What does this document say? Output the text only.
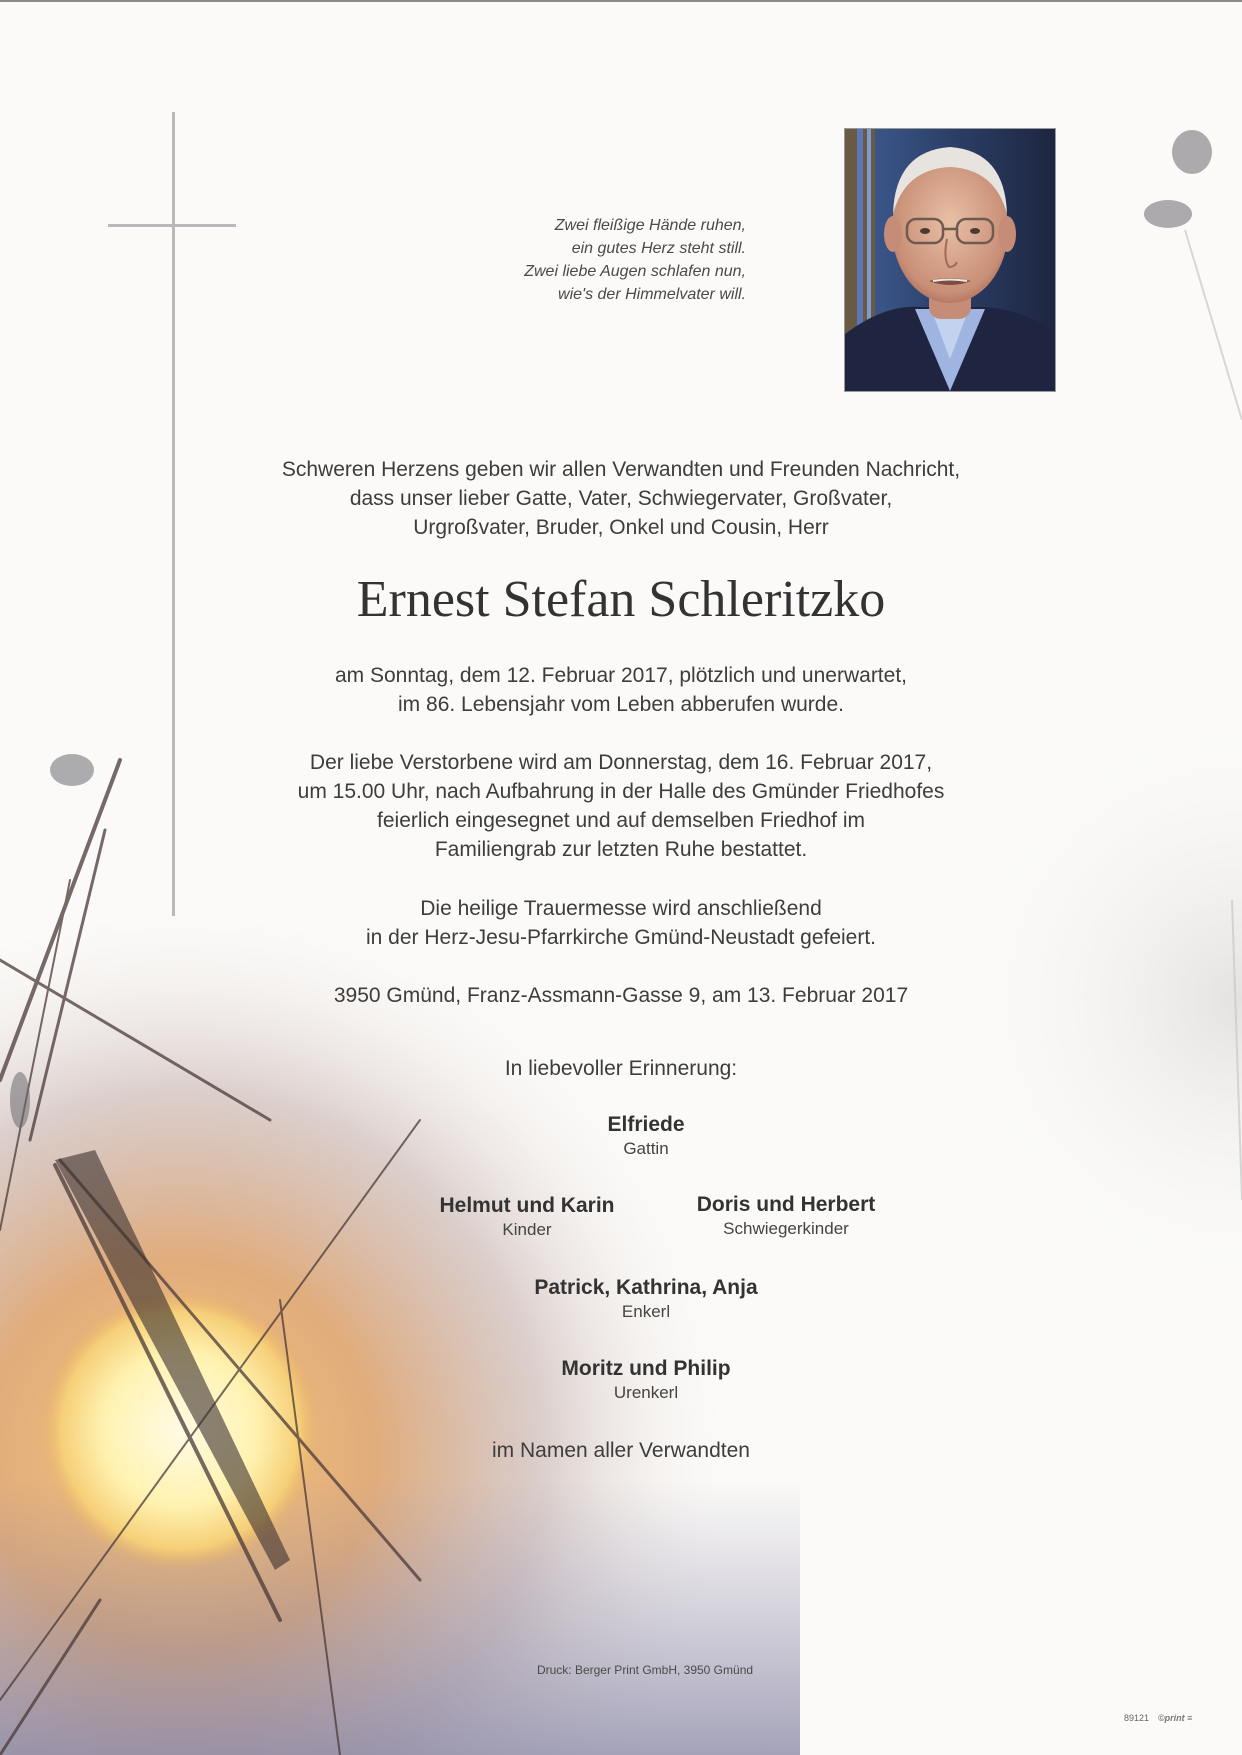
Zwei fleißige Hände ruhen,
ein gutes Herz steht still.
Zwei liebe Augen schlafen nun,
wie's der Himmelvater will.
Schweren Herzens geben wir allen Verwandten und Freunden Nachricht,
dass unser lieber Gatte, Vater, Schwiegervater, Großvater,
Urgroßvater, Bruder, Onkel und Cousin, Herr
Ernest Stefan Schleritzko
am Sonntag, dem 12. Februar 2017, plötzlich und unerwartet,
im 86. Lebensjahr vom Leben abberufen wurde.
Der liebe Verstorbene wird am Donnerstag, dem 16. Februar 2017,
um 15.00 Uhr, nach Aufbahrung in der Halle des Gmünder Friedhofes
feierlich eingesegnet und auf demselben Friedhof im
Familiengrab zur letzten Ruhe bestattet.
Die heilige Trauermesse wird anschließend
in der Herz-Jesu-Pfarrkirche Gmünd-Neustadt gefeiert.
3950 Gmünd, Franz-Assmann-Gasse 9, am 13. Februar 2017
In liebevoller Erinnerung:
Elfriede
Gattin
Helmut und Karin
Kinder
Doris und Herbert
Schwiegerkinder
Patrick, Kathrina, Anja
Enkerl
Moritz und Philip
Urenkerl
im Namen aller Verwandten
Druck: Berger Print GmbH, 3950 Gmünd
89121 ©print ≡
